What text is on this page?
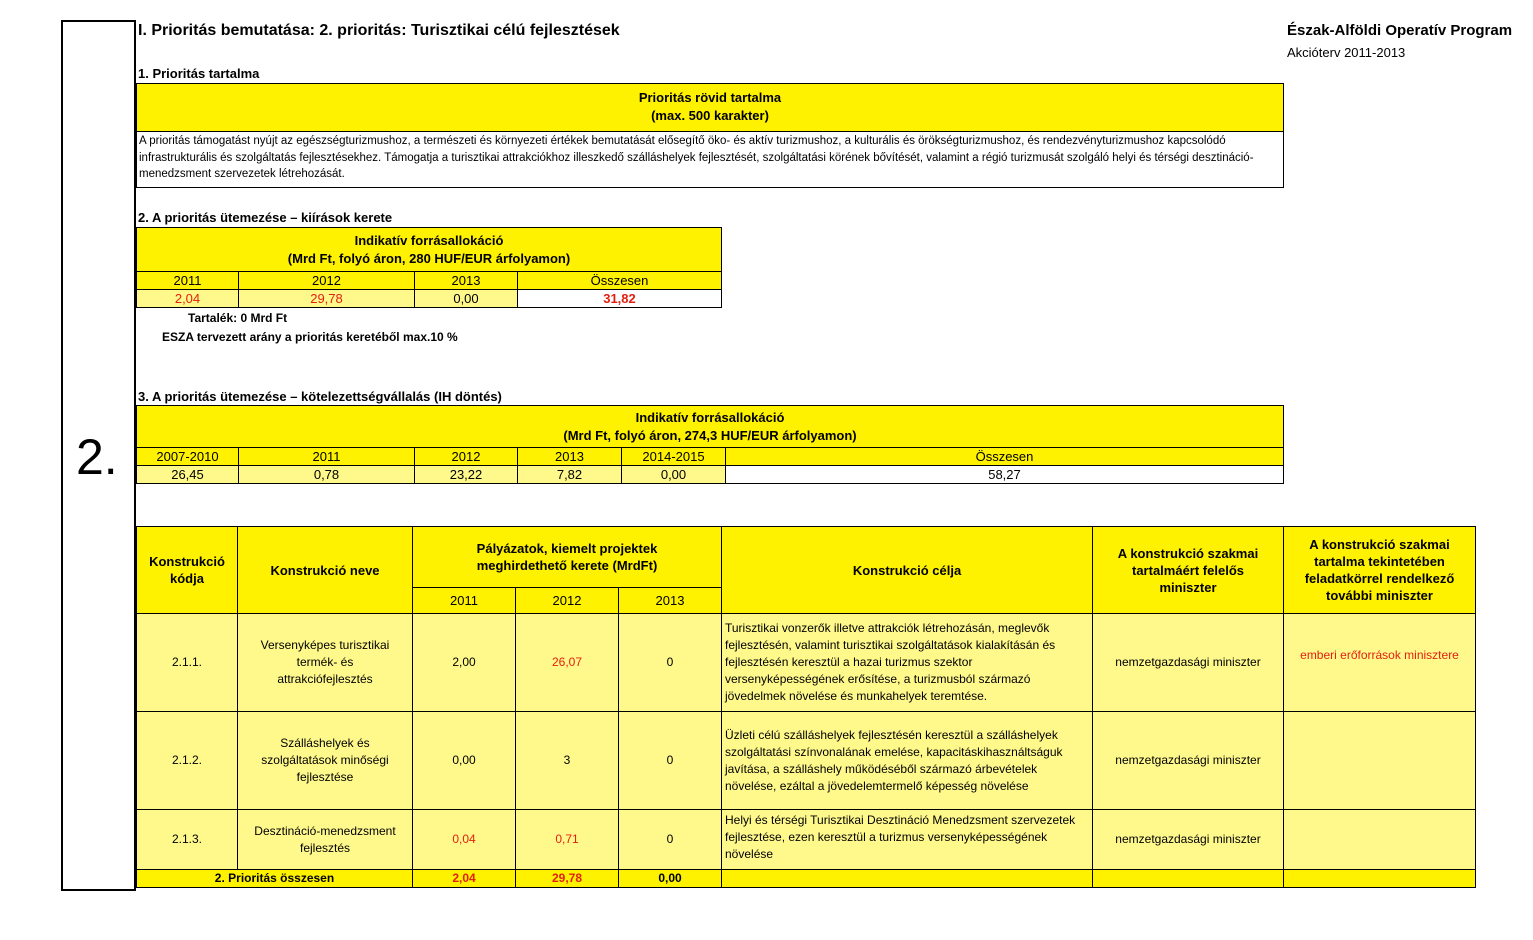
2.
I. Prioritás bemutatása: 2. prioritás: Turisztikai célú fejlesztések	Észak-Alföldi Operatív Program
Akcióterv 2011-2013
1. Prioritás tartalma
Prioritás rövid tartalma
(max. 500 karakter)
A prioritás támogatást nyújt az egészségturizmushoz, a természeti és környezeti értékek bemutatását elősegítő öko- és aktív turizmushoz, a kulturális és örökségturizmushoz, és rendezvényturizmushoz kapcsolódó infrastrukturális és szolgáltatás fejlesztésekhez. Támogatja a turisztikai attrakciókhoz illeszkedő szálláshelyek fejlesztését, szolgáltatási körének bővítését, valamint a régió turizmusát szolgáló helyi és térségi desztináció-menedzsment szervezetek létrehozását.
2. A prioritás ütemezése – kiírások kerete
Indikatív forrásallokáció
(Mrd Ft, folyó áron, 280 HUF/EUR árfolyamon)			

2011	2012	2013	Összesen
2,04	29,78	0,00	31,82
Tartalék: 0 Mrd Ft
ESZA tervezett arány a prioritás keretéből max.10 %
3. A prioritás ütemezése – kötelezettségvállalás (IH döntés)
Indikatív forrásallokáció
(Mrd Ft, folyó áron, 274,3 HUF/EUR árfolyamon)					

2007-2010	2011	2012	2013	2014-2015	Összesen
26,45	0,78	23,22	7,82	0,00	58,27
Konstrukció kódja	Konstrukció neve	Pályázatok, kiemelt projektek meghirdethető kerete (MrdFt)			Konstrukció célja	A konstrukció szakmai tartalmáért felelős miniszter	A konstrukció szakmai tartalma tekintetében feladatkörrel rendelkező további miniszter
		2011	2012	2013			
2.1.1.	Versenyképes turisztikai termék- és attrakciófejlesztés	2,00	26,07	0	Turisztikai vonzerők illetve attrakciók létrehozásán, meglevők fejlesztésén, valamint turisztikai szolgáltatások kialakításán és fejlesztésén keresztül a hazai turizmus szektor versenyképességének erősítése, a turizmusból származó jövedelmek növelése és munkahelyek teremtése.	nemzetgazdasági miniszter	emberi erőforrások minisztere
2.1.2.	Szálláshelyek és szolgáltatások minőségi fejlesztése	0,00	3	0	Üzleti célú szálláshelyek fejlesztésén keresztül a szálláshelyek szolgáltatási színvonalának emelése, kapacitáskihasználtságuk javítása, a szálláshely működéséből származó árbevételek növelése, ezáltal a jövedelemtermelő képesség növelése	nemzetgazdasági miniszter	
2.1.3.	Desztináció-menedzsment fejlesztés	0,04	0,71	0	Helyi és térségi Turisztikai Desztináció Menedzsment szervezetek fejlesztése, ezen keresztül a turizmus versenyképességének növelése	nemzetgazdasági miniszter	
2. Prioritás összesen		2,04	29,78	0,00			
